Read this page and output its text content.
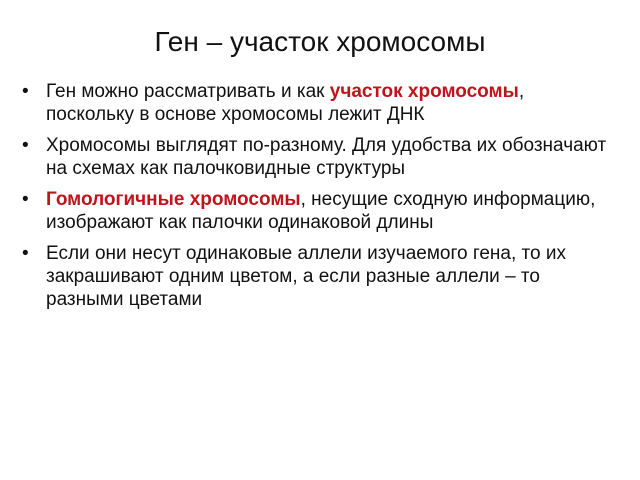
Ген – участок хромосомы
• Ген можно рассматривать и как участок хромосомы, поскольку в основе хромосомы лежит ДНК
• Хромосомы выглядят по-разному. Для удобства их обозначают на схемах как палочковидные структуры
• Гомологичные хромосомы, несущие сходную информацию, изображают как палочки одинаковой длины
• Если они несут одинаковые аллели изучаемого гена, то их закрашивают одним цветом, а если разные аллели – то разными цветами
